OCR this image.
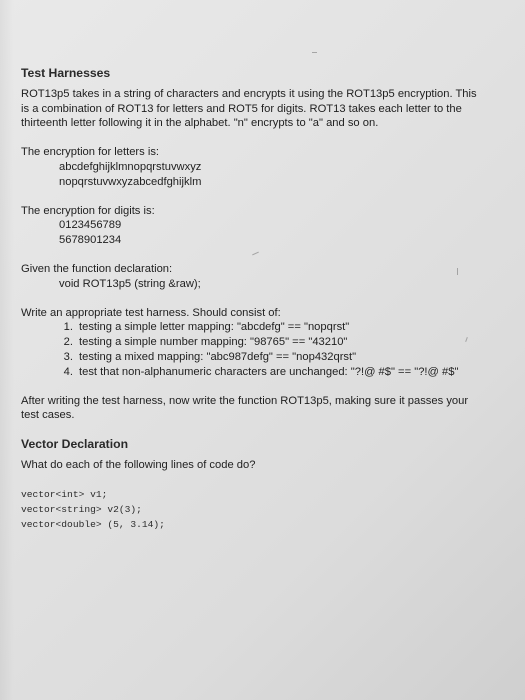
Test Harnesses

ROT13p5 takes in a string of characters and encrypts it using the ROT13p5 encryption. This

is a combination of ROT13 for letters and ROT5 for digits. ROT13 takes each letter to the

thirteenth letter following it in the alphabet. "n" encrypts to "a" and so on.

The encryption for letters is:

abcdefghijklmnopqrstuvwxyz

nopqrstuvwxyzabcedfghijklm

The encryption for digits is:

0123456789

5678901234

Given the function declaration:

void ROT13p5 (string &raw);

Write an appropriate test harness. Should consist of:

1. testing a simple letter mapping: "abcdefg" == "nopqrst"
2. testing a simple number mapping: "98765" == "43210"
3. testing a mixed mapping: "abc987defg" == "nop432qrst"
4. test that non-alphanumeric characters are unchanged: "?!@ #$" == "?!@ #$"

After writing the test harness, now write the function ROT13p5, making sure it passes your

test cases.

Vector Declaration

What do each of the following lines of code do?

vector<int> v1;

vector<string> v2(3);

vector<double> (5, 3.14);
